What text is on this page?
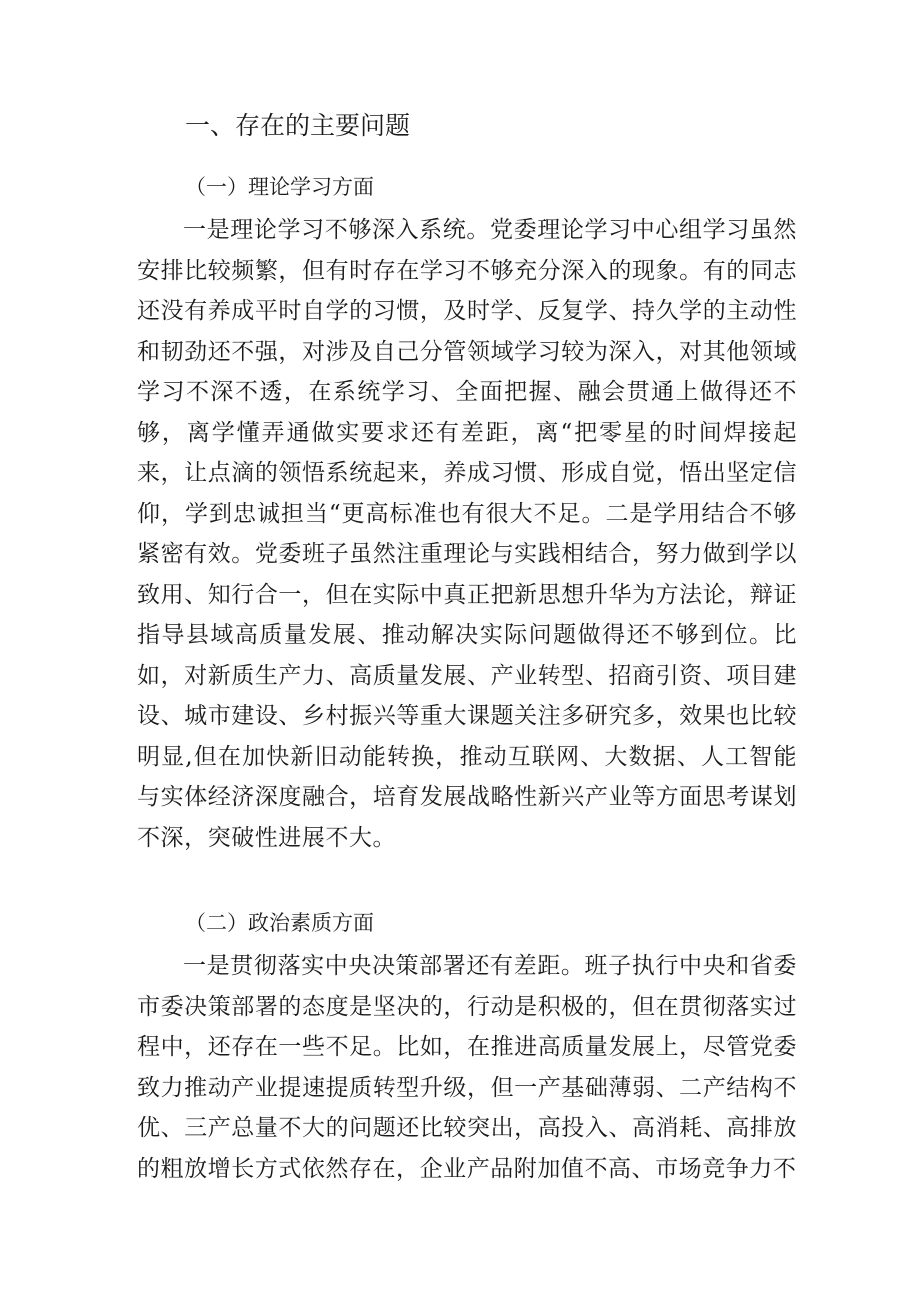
一、存在的主要问题
（一）理论学习方面

一是理论学习不够深入系统。党委理论学习中心组学习虽然安排比较频繁，但有时存在学习不够充分深入的现象。有的同志还没有养成平时自学的习惯，及时学、反复学、持久学的主动性和韧劲还不强，对涉及自己分管领域学习较为深入，对其他领域学习不深不透，在系统学习、全面把握、融会贯通上做得还不够，离学懂弄通做实要求还有差距，离“把零星的时间焊接起来，让点滴的领悟系统起来，养成习惯、形成自觉，悟出坚定信仰，学到忠诚担当“更高标准也有很大不足。二是学用结合不够紧密有效。党委班子虽然注重理论与实践相结合，努力做到学以致用、知行合一，但在实际中真正把新思想升华为方法论，辩证指导县域高质量发展、推动解决实际问题做得还不够到位。比如，对新质生产力、高质量发展、产业转型、招商引资、项目建设、城市建设、乡村振兴等重大课题关注多研究多，效果也比较明显,但在加快新旧动能转换，推动互联网、大数据、人工智能与实体经济深度融合，培育发展战略性新兴产业等方面思考谋划不深，突破性进展不大。

（二）政治素质方面

一是贯彻落实中央决策部署还有差距。班子执行中央和省委市委决策部署的态度是坚决的，行动是积极的，但在贯彻落实过程中，还存在一些不足。比如，在推进高质量发展上，尽管党委致力推动产业提速提质转型升级，但一产基础薄弱、二产结构不优、三产总量不大的问题还比较突出，高投入、高消耗、高排放的粗放增长方式依然存在，企业产品附加值不高、市场竞争力不
